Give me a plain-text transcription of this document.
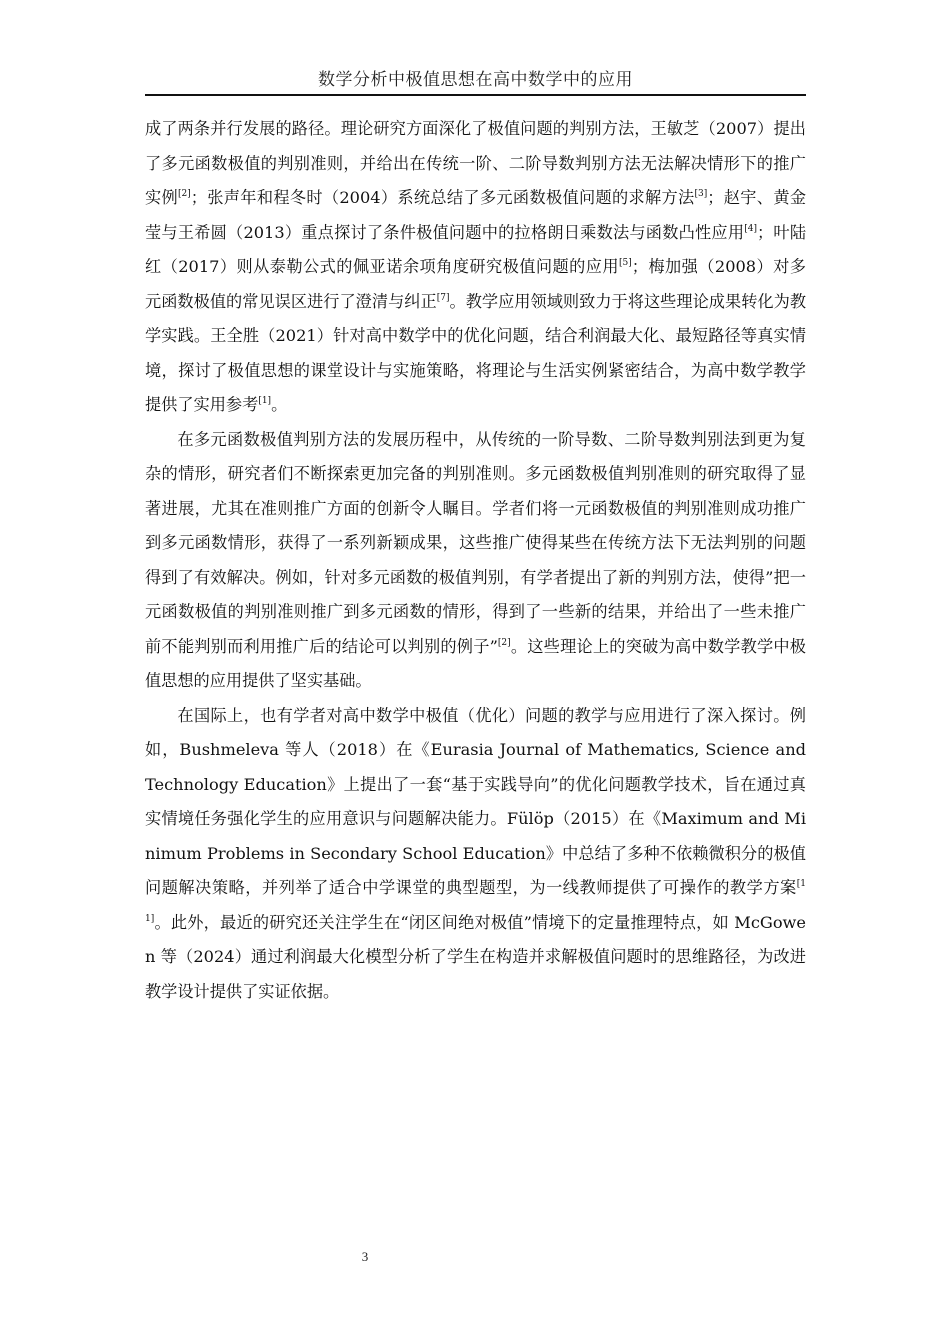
数学分析中极值思想在高中数学中的应用

成了两条并行发展的路径。理论研究方面深化了极值问题的判别方法，王敏芝（2007）提出了多元函数极值的判别准则，并给出在传统一阶、二阶导数判别方法无法解决情形下的推广实例[2]；张声年和程冬时（2004）系统总结了多元函数极值问题的求解方法[3]；赵宇、黄金莹与王希圆（2013）重点探讨了条件极值问题中的拉格朗日乘数法与函数凸性应用[4]；叶陆红（2017）则从泰勒公式的佩亚诺余项角度研究极值问题的应用[5]；梅加强（2008）对多元函数极值的常见误区进行了澄清与纠正[7]。教学应用领域则致力于将这些理论成果转化为教学实践。王全胜（2021）针对高中数学中的优化问题，结合利润最大化、最短路径等真实情境，探讨了极值思想的课堂设计与实施策略，将理论与生活实例紧密结合，为高中数学教学提供了实用参考[1]。

在多元函数极值判别方法的发展历程中，从传统的一阶导数、二阶导数判别法到更为复杂的情形，研究者们不断探索更加完备的判别准则。多元函数极值判别准则的研究取得了显著进展，尤其在准则推广方面的创新令人瞩目。学者们将一元函数极值的判别准则成功推广到多元函数情形，获得了一系列新颖成果，这些推广使得某些在传统方法下无法判别的问题得到了有效解决。例如，针对多元函数的极值判别，有学者提出了新的判别方法，使得”把一元函数极值的判别准则推广到多元函数的情形，得到了一些新的结果，并给出了一些未推广前不能判别而利用推广后的结论可以判别的例子”[2]。这些理论上的突破为高中数学教学中极值思想的应用提供了坚实基础。

在国际上，也有学者对高中数学中极值（优化）问题的教学与应用进行了深入探讨。例如，Bushmeleva 等人（2018）在《Eurasia Journal of Mathematics, Science and Technology Education》上提出了一套“基于实践导向”的优化问题教学技术，旨在通过真实情境任务强化学生的应用意识与问题解决能力。Fülöp（2015）在《Maximum and Minimum Problems in Secondary School Education》中总结了多种不依赖微积分的极值问题解决策略，并列举了适合中学课堂的典型题型，为一线教师提供了可操作的教学方案[11]。此外，最近的研究还关注学生在“闭区间绝对极值”情境下的定量推理特点，如 McGowen 等（2024）通过利润最大化模型分析了学生在构造并求解极值问题时的思维路径，为改进教学设计提供了实证依据。

3
